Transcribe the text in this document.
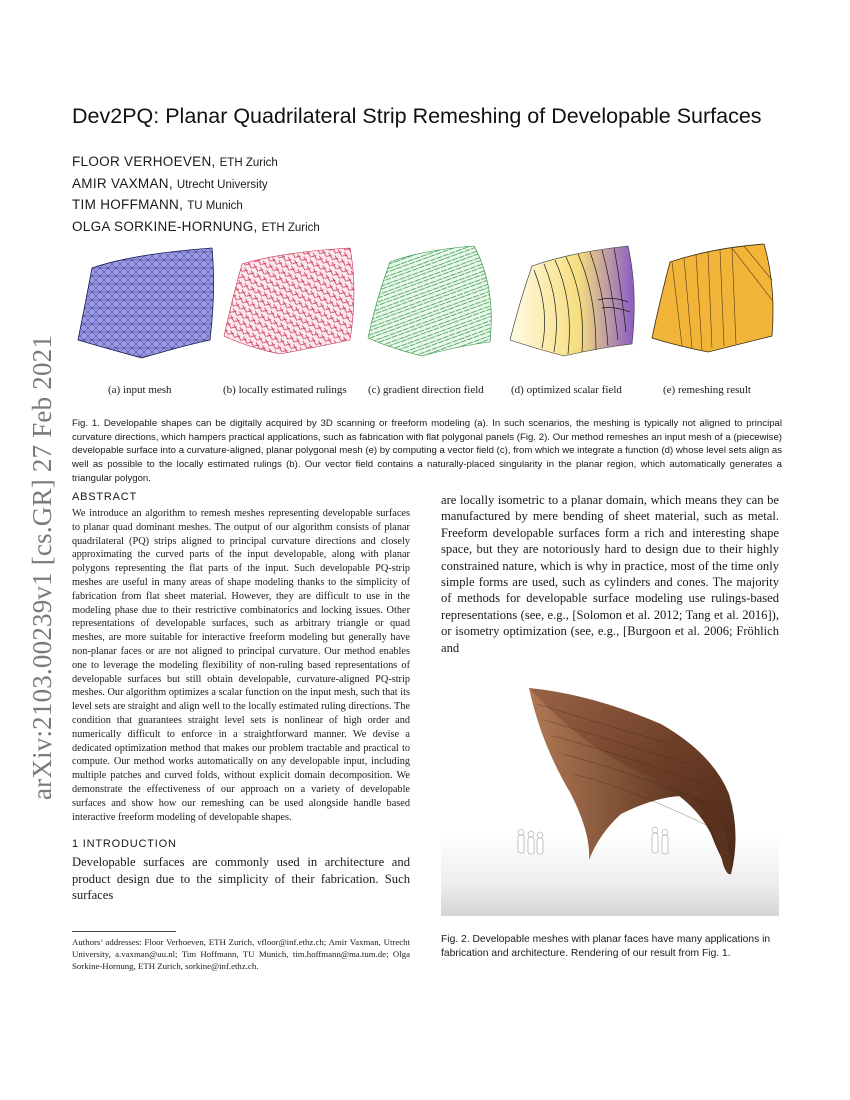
arXiv:2103.00239v1 [cs.GR] 27 Feb 2021
Dev2PQ: Planar Quadrilateral Strip Remeshing of Developable Surfaces
FLOOR VERHOEVEN, ETH Zurich
AMIR VAXMAN, Utrecht University
TIM HOFFMANN, TU Munich
OLGA SORKINE-HORNUNG, ETH Zurich
(a) input mesh	(b) locally estimated rulings (c) gradient direction field (d) optimized scalar field	(e) remeshing result
Fig. 1. Developable shapes can be digitally acquired by 3D scanning or freeform modeling (a). In such scenarios, the meshing is typically not aligned to principal curvature directions, which hampers practical applications, such as fabrication with flat polygonal panels (Fig. 2). Our method remeshes an input mesh of a (piecewise) developable surface into a curvature-aligned, planar polygonal mesh (e) by computing a vector field (c), from which we integrate a function (d) whose level sets align as well as possible to the locally estimated rulings (b). Our vector field contains a naturally-placed singularity in the planar region, which automatically generates a triangular polygon.
ABSTRACT

We introduce an algorithm to remesh meshes representing developable surfaces to planar quad dominant meshes. The output of our algorithm consists of planar quadrilateral (PQ) strips aligned to principal curvature directions and closely approximating the curved parts of the input developable, along with planar polygons representing the flat parts of the input. Such developable PQ-strip meshes are useful in many areas of shape modeling thanks to the simplicity of fabrication from flat sheet material. However, they are difficult to use in the modeling phase due to their restrictive combinatorics and locking issues. Other representations of developable surfaces, such as arbitrary triangle or quad meshes, are more suitable for interactive freeform modeling but generally have non-planar faces or are not aligned to principal curvature. Our method enables one to leverage the modeling flexibility of non-ruling based representations of developable surfaces but still obtain developable, curvature-aligned PQ-strip meshes. Our algorithm optimizes a scalar function on the input mesh, such that its level sets are straight and align well to the locally estimated ruling directions. The condition that guarantees straight level sets is nonlinear of high order and numerically difficult to enforce in a straightforward manner. We devise a dedicated optimization method that makes our problem tractable and practical to compute. Our method works automatically on any developable input, including multiple patches and curved folds, without explicit domain decomposition. We demonstrate the effectiveness of our approach on a variety of developable surfaces and show how our remeshing can be used alongside handle based interactive freeform modeling of developable shapes.

1 INTRODUCTION

Developable surfaces are commonly used in architecture and product design due to the simplicity of their fabrication. Such surfaces

are locally isometric to a planar domain, which means they can be manufactured by mere bending of sheet material, such as metal. Freeform developable surfaces form a rich and interesting shape space, but they are notoriously hard to design due to their highly constrained nature, which is why in practice, most of the time only simple forms are used, such as cylinders and cones. The majority of methods for developable surface modeling use rulings-based representations (see, e.g., [Solomon et al. 2012; Tang et al. 2016]), or isometry optimization (see, e.g., [Burgoon et al. 2006; Fröhlich and

Fig. 2. Developable meshes with planar faces have many applications in fabrication and architecture. Rendering of our result from Fig. 1.
Authors’ addresses: Floor Verhoeven, ETH Zurich, vfloor@inf.ethz.ch; Amir Vaxman, Utrecht University, a.vaxman@uu.nl; Tim Hoffmann, TU Munich, tim.hoffmann@ma.tum.de; Olga Sorkine-Hornung, ETH Zurich, sorkine@inf.ethz.ch.
